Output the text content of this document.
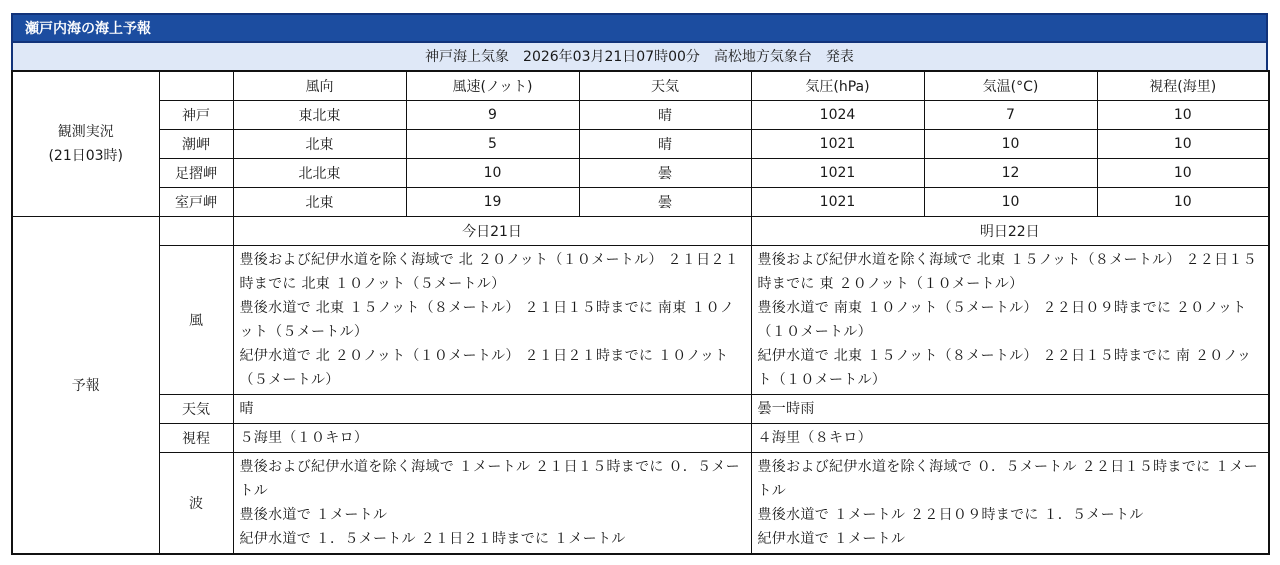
瀬戸内海の海上予報
神戸海上気象　2026年03月21日07時00分　高松地方気象台　発表
観測実況
(21日03時)		風向	風速(ノット)	天気	気圧(hPa)	気温(°C)	視程(海里)
	神戸	東北東	9	晴	1024	7	10
	潮岬	北東	5	晴	1021	10	10
	足摺岬	北北東	10	曇	1021	12	10
	室戸岬	北東	19	曇	1021	10	10
予報		今日21日			明日22日		
	風	豊後および紀伊水道を除く海域で 北 ２０ノット（１０メートル） ２１日２１時までに 北東 １０ノット（５メートル）
豊後水道で 北東 １５ノット（８メートル） ２１日１５時までに 南東 １０ノット（５メートル）
紀伊水道で 北 ２０ノット（１０メートル） ２１日２１時までに １０ノット（５メートル）			豊後および紀伊水道を除く海域で 北東 １５ノット（８メートル） ２２日１５時までに 東 ２０ノット（１０メートル）
豊後水道で 南東 １０ノット（５メートル） ２２日０９時までに ２０ノット（１０メートル）
紀伊水道で 北東 １５ノット（８メートル） ２２日１５時までに 南 ２０ノット（１０メートル）		

	天気	晴			曇一時雨		
	視程	５海里（１０キロ）			４海里（８キロ）		
	波	豊後および紀伊水道を除く海域で １メートル ２１日１５時までに ０．５メートル
豊後水道で １メートル
紀伊水道で １．５メートル ２１日２１時までに １メートル			豊後および紀伊水道を除く海域で ０．５メートル ２２日１５時までに １メートル
豊後水道で １メートル ２２日０９時までに １．５メートル
紀伊水道で １メートル		
